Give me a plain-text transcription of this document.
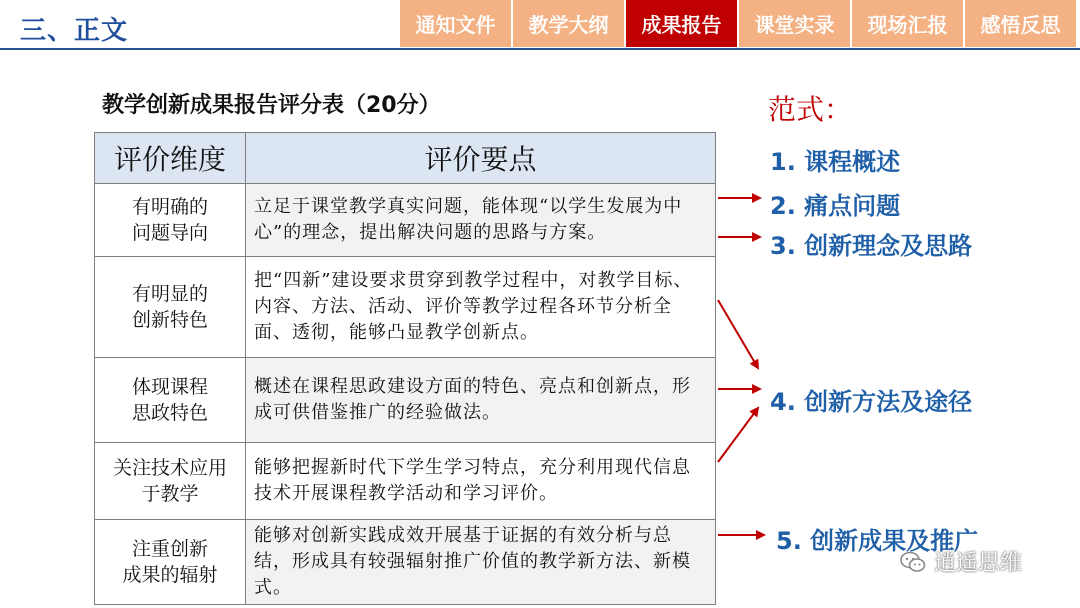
三、正文	通知文件	教学大纲	成果报告	课堂实录	现场汇报	感悟反思
教学创新成果报告评分表（20分）
评价维度	评价要点
有明确的
问题导向	立足于课堂教学真实问题，能体现“以学生发展为中心”的理念，提出解决问题的思路与方案。
有明显的
创新特色	把“四新”建设要求贯穿到教学过程中，对教学目标、内容、方法、活动、评价等教学过程各环节分析全面、透彻，能够凸显教学创新点。
体现课程
思政特色	概述在课程思政建设方面的特色、亮点和创新点，形成可供借鉴推广的经验做法。
关注技术应用
于教学	能够把握新时代下学生学习特点，充分利用现代信息技术开展课程教学活动和学习评价。
注重创新
成果的辐射	能够对创新实践成效开展基于证据的有效分析与总结，形成具有较强辐射推广价值的教学新方法、新模式。
范式：
1. 课程概述
2. 痛点问题
3. 创新理念及思路
4. 创新方法及途径
5. 创新成果及推广
逍遥思维
